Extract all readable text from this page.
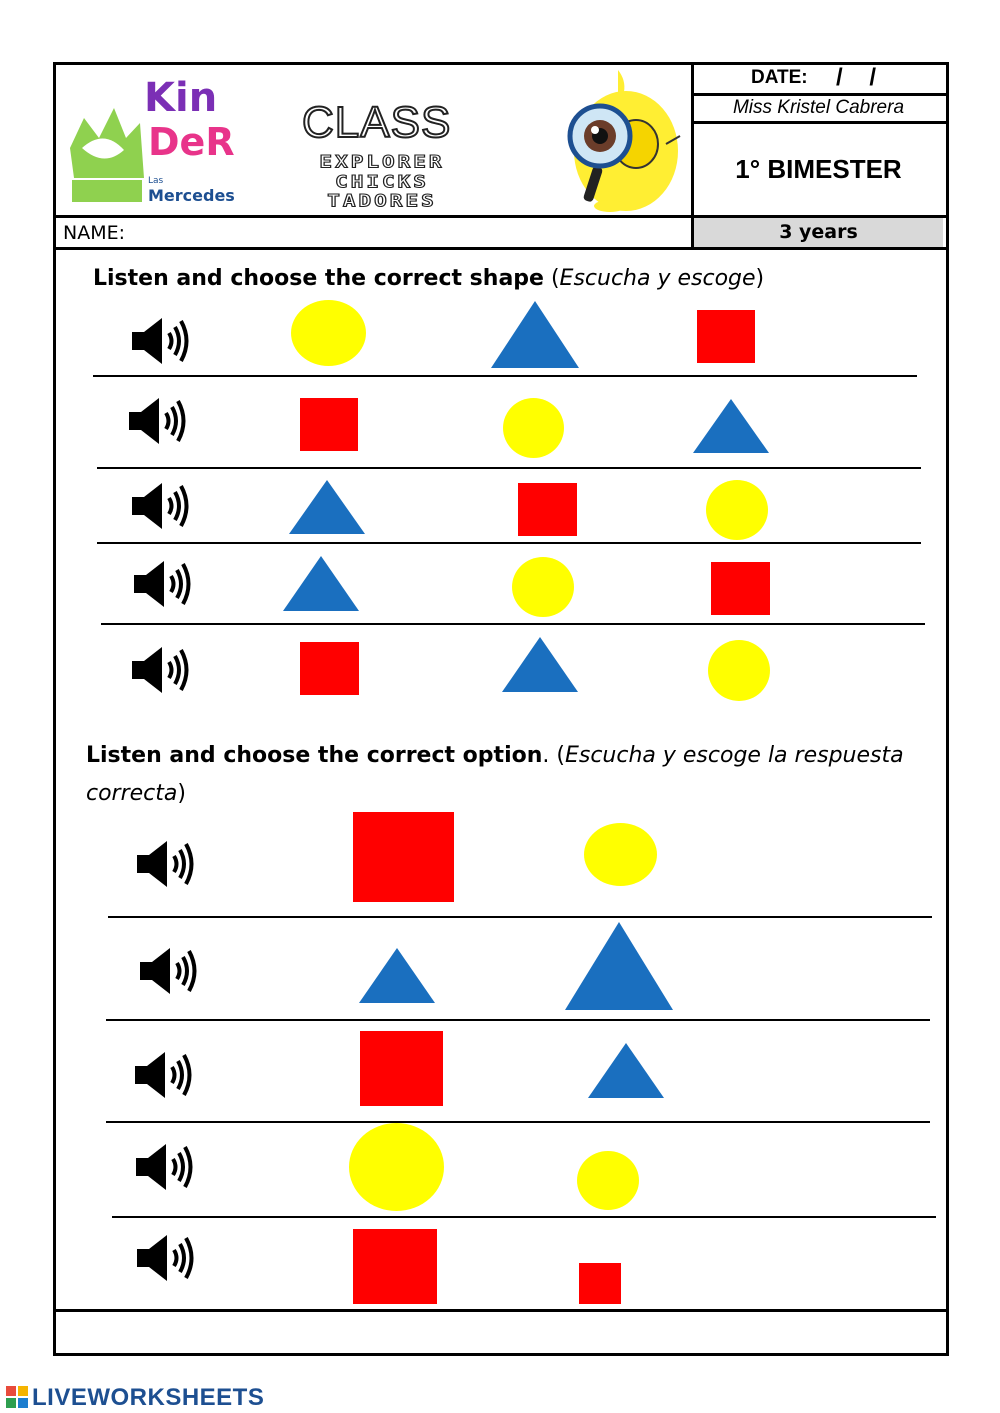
Kin
DeR
Las
Mercedes
CLASS
EXPLORER
CHICKS
TADORES
DATE: /    /
Miss Kristel Cabrera
1° BIMESTER
NAME:	3 years
Listen and choose the correct shape (Escucha y escoge)
Listen and choose the correct option. (Escucha y escoge la respuesta
correcta)
LIVEWORKSHEETS
